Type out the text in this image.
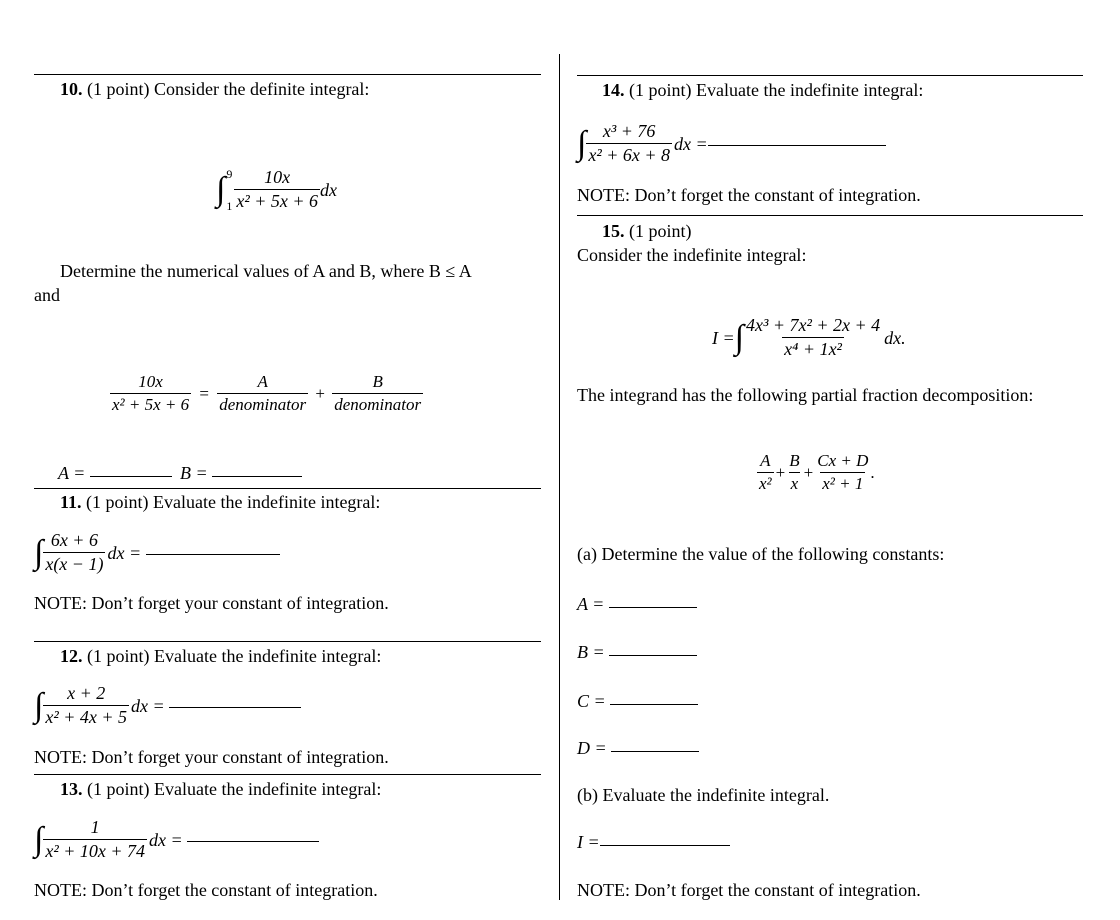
10. (1 point) Consider the definite integral:
∫ 9
$1 \frac{10x}{\text{x² + 5x + 6}}$ dx
Determine the numerical values of A and B, where B ≤ A
and
$\frac{10x}{\text{x² + 5x + 6}} = \frac{A}{\text{denominator}} + \frac{B}{\text{denominator}}$
A =	B =
11. (1 point) Evaluate the indefinite integral:
∫ $\frac{6x + 6}{x(x - 1)}$ dx =
NOTE: Don’t forget your constant of integration.
12. (1 point) Evaluate the indefinite integral:
∫ $\frac{x + 2}{\text{x² + 4x + 5}}$ dx =
NOTE: Don’t forget your constant of integration.
13. (1 point) Evaluate the indefinite integral:
∫ $\frac{1}{\text{x² + 10x + 74}}$ dx =
NOTE: Don’t forget the constant of integration.
14. (1 point) Evaluate the indefinite integral:
∫ $\frac{\text{x³ + 76}}{\text{x² + 6x + 8}}$ dx =
NOTE: Don’t forget the constant of integration.
15. (1 point)
Consider the indefinite integral:
I =∫ $\frac{\text{4x³ + 7x² + 2x + 4}}{\text{x⁴ + 1x²}}$ dx.
The integrand has the following partial fraction decomposition:
$\frac{A}{\text{x²}} + \frac{B}{x} + \frac{Cx + D}{\text{x² + 1}}$ .
(a) Determine the value of the following constants:
A =
B =
C =
D =
(b) Evaluate the indefinite integral.
I =
NOTE: Don’t forget the constant of integration.
